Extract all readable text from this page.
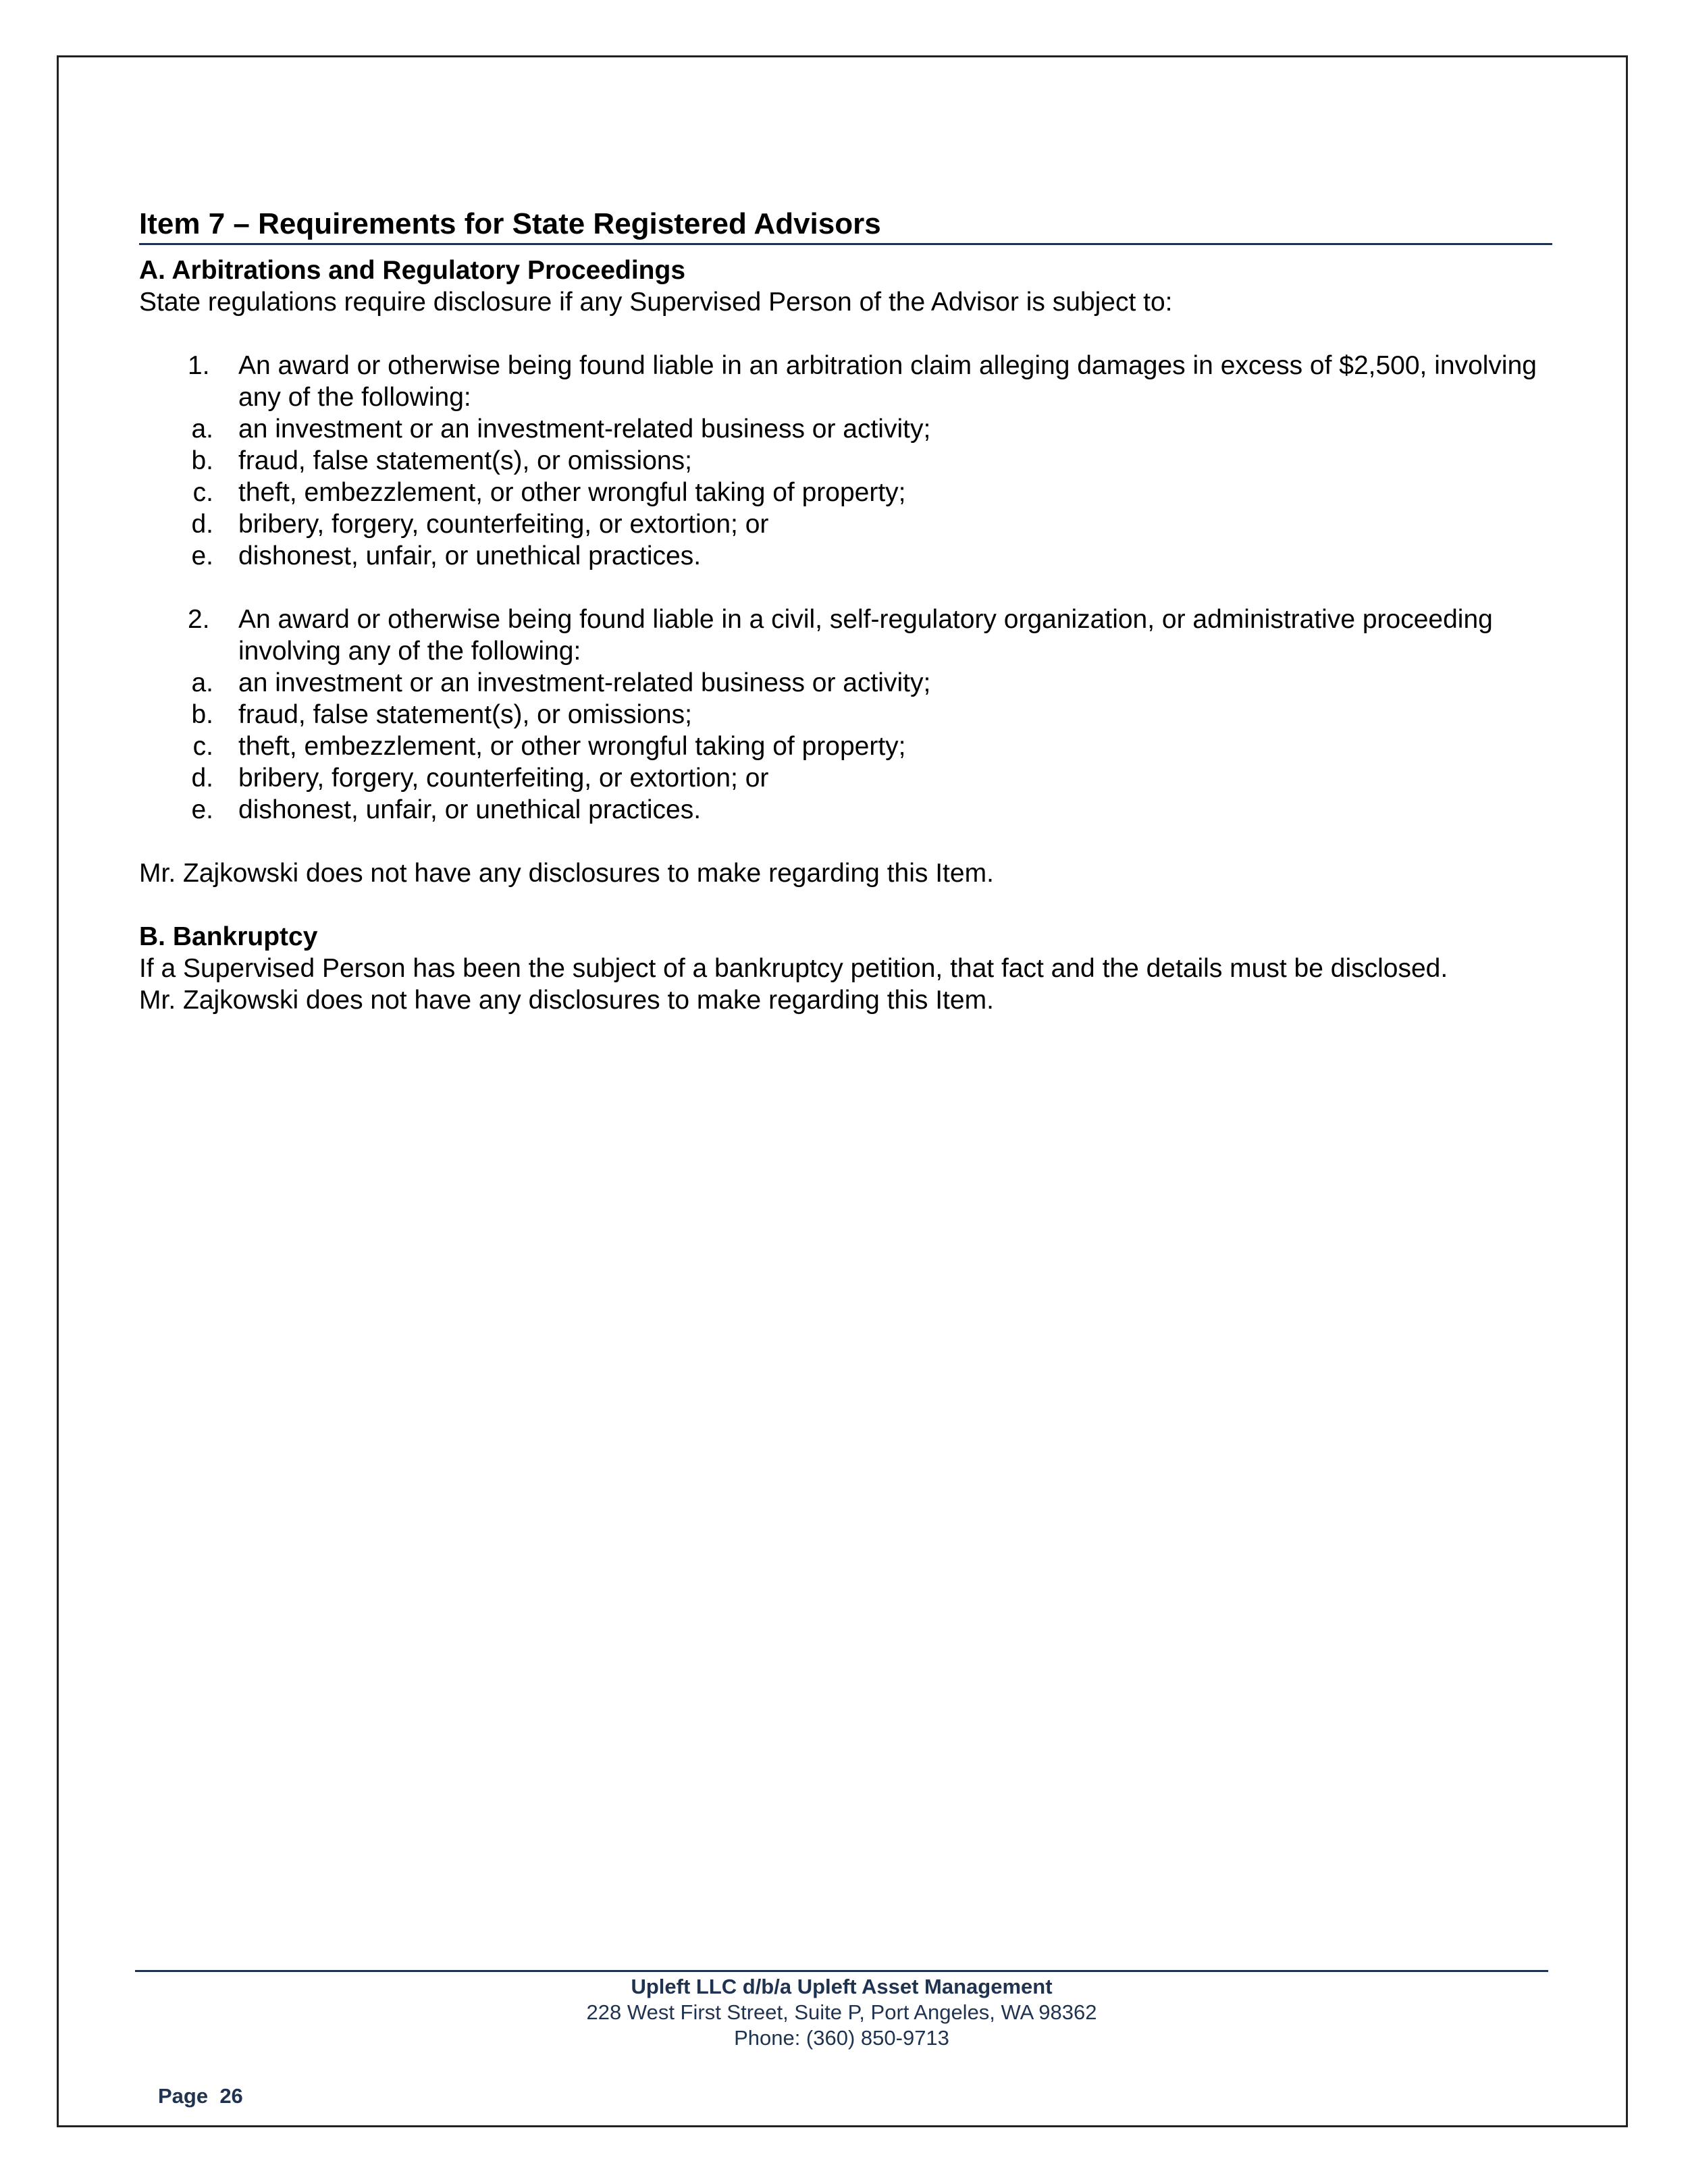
Item 7 – Requirements for State Registered Advisors
A. Arbitrations and Regulatory Proceedings

State regulations require disclosure if any Supervised Person of the Advisor is subject to:

1. An award or otherwise being found liable in an arbitration claim alleging damages in excess of $2,500, involving any of the following:
a. an investment or an investment-related business or activity;
b. fraud, false statement(s), or omissions;
c. theft, embezzlement, or other wrongful taking of property;
d. bribery, forgery, counterfeiting, or extortion; or
e. dishonest, unfair, or unethical practices.
2. An award or otherwise being found liable in a civil, self-regulatory organization, or administrative proceeding involving any of the following:
a. an investment or an investment-related business or activity;
b. fraud, false statement(s), or omissions;
c. theft, embezzlement, or other wrongful taking of property;
d. bribery, forgery, counterfeiting, or extortion; or
e. dishonest, unfair, or unethical practices.

Mr. Zajkowski does not have any disclosures to make regarding this Item.

B. Bankruptcy

If a Supervised Person has been the subject of a bankruptcy petition, that fact and the details must be disclosed.

Mr. Zajkowski does not have any disclosures to make regarding this Item.

Upleft LLC d/b/a Upleft Asset Management
228 West First Street, Suite P, Port Angeles, WA 98362
Phone: (360) 850-9713
Page  26
